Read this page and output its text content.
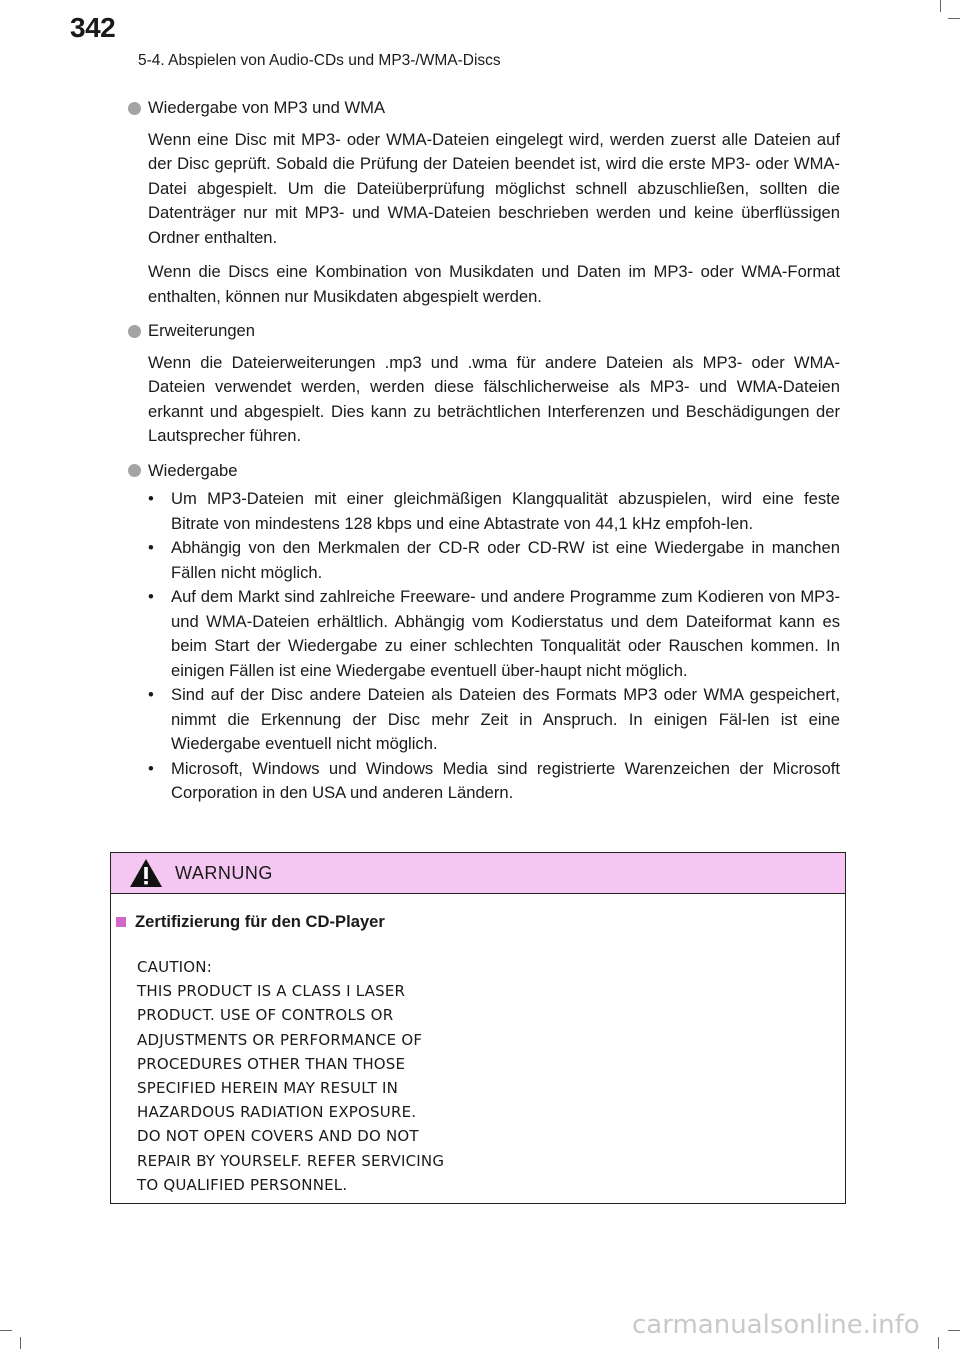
342
5-4. Abspielen von Audio-CDs und MP3-/WMA-Discs
Wiedergabe von MP3 und WMA

Wenn eine Disc mit MP3- oder WMA-Dateien eingelegt wird, werden zuerst alle Dateien auf der Disc geprüft. Sobald die Prüfung der Dateien beendet ist, wird die erste MP3- oder WMA-Datei abgespielt. Um die Dateiüberprüfung möglichst schnell abzuschließen, sollten die Datenträger nur mit MP3- und WMA-Dateien beschrieben werden und keine überflüssigen Ordner enthalten.

Wenn die Discs eine Kombination von Musikdaten und Daten im MP3- oder WMA-Format enthalten, können nur Musikdaten abgespielt werden.

Erweiterungen

Wenn die Dateierweiterungen .mp3 und .wma für andere Dateien als MP3- oder WMA-Dateien verwendet werden, werden diese fälschlicherweise als MP3- und WMA-Dateien erkannt und abgespielt. Dies kann zu beträchtlichen Interferenzen und Beschädigungen der Lautsprecher führen.

Wiedergabe
• Um MP3-Dateien mit einer gleichmäßigen Klangqualität abzuspielen, wird eine feste Bitrate von mindestens 128 kbps und eine Abtastrate von 44,1 kHz empfoh-len.
• Abhängig von den Merkmalen der CD-R oder CD-RW ist eine Wiedergabe in manchen Fällen nicht möglich.
• Auf dem Markt sind zahlreiche Freeware- und andere Programme zum Kodieren von MP3- und WMA-Dateien erhältlich. Abhängig vom Kodierstatus und dem Dateiformat kann es beim Start der Wiedergabe zu einer schlechten Tonqualität oder Rauschen kommen. In einigen Fällen ist eine Wiedergabe eventuell über-haupt nicht möglich.
• Sind auf der Disc andere Dateien als Dateien des Formats MP3 oder WMA gespeichert, nimmt die Erkennung der Disc mehr Zeit in Anspruch. In einigen Fäl-len ist eine Wiedergabe eventuell nicht möglich.
• Microsoft, Windows und Windows Media sind registrierte Warenzeichen der Microsoft Corporation in den USA und anderen Ländern.
WARNUNG
Zertifizierung für den CD-Player
CAUTION:
THIS PRODUCT IS A CLASS Ⅰ LASER
PRODUCT. USE OF CONTROLS OR
ADJUSTMENTS OR PERFORMANCE OF
PROCEDURES OTHER THAN THOSE
SPECIFIED HEREIN MAY RESULT IN
HAZARDOUS RADIATION EXPOSURE.
DO NOT OPEN COVERS AND DO NOT
REPAIR BY YOURSELF. REFER SERVICING
TO QUALIFIED PERSONNEL.
carmanualsonline.info
